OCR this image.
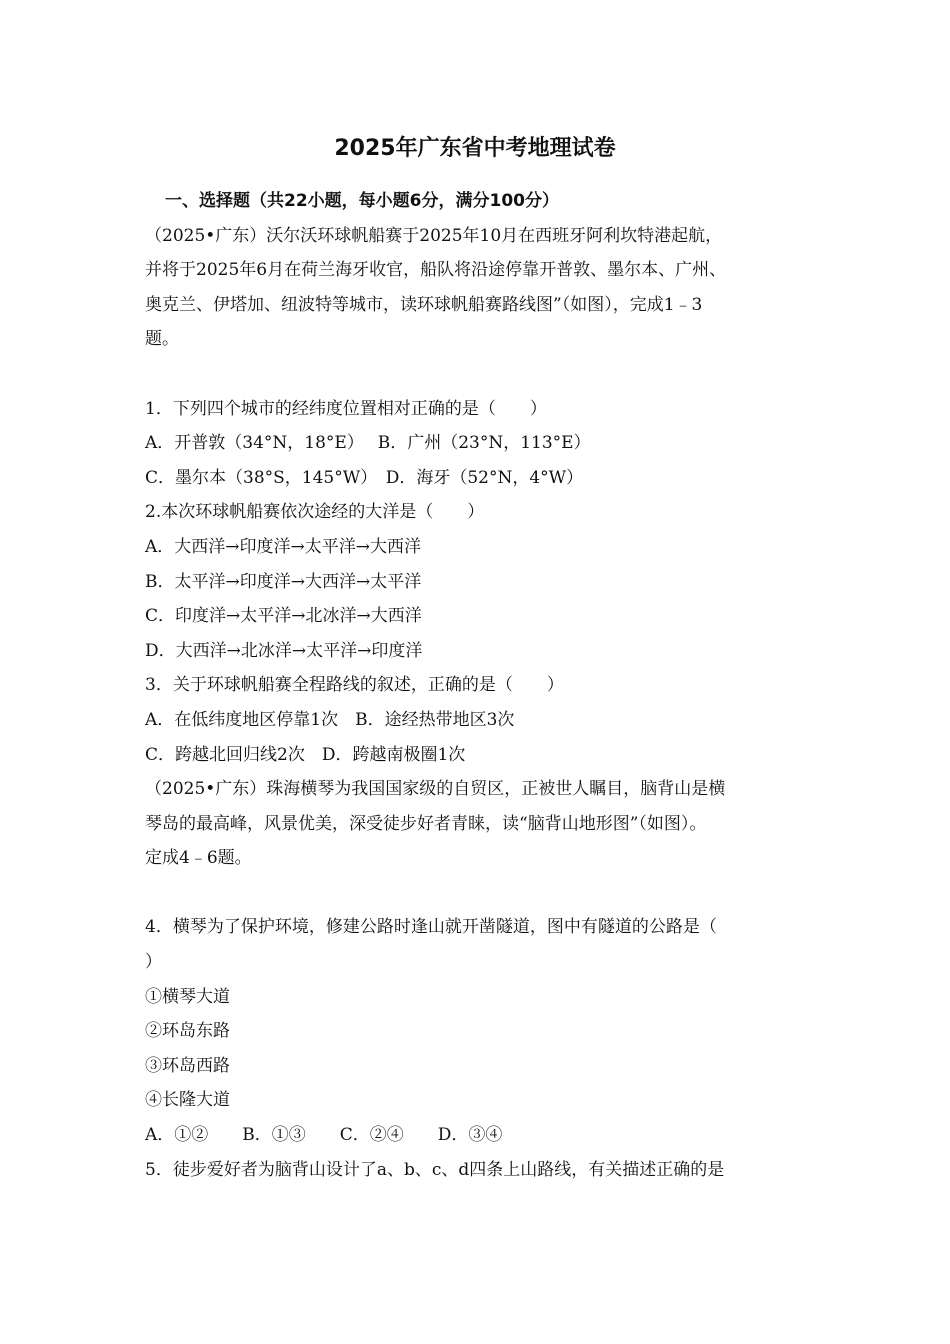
2025年广东省中考地理试卷
一、选择题（共22小题，每小题6分，满分100分）
（2025•广东）沃尔沃环球帆船赛于2025年10月在西班牙阿利坎特港起航，
并将于2025年6月在荷兰海牙收官，船队将沿途停靠开普敦、墨尔本、广州、
奥克兰、伊塔加、纽波特等城市，读环球帆船赛路线图”（如图），完成1﹣3
题。
1．下列四个城市的经纬度位置相对正确的是（　　）
A．开普敦（34°N，18°E）　 B．广州（23°N，113°E）
C．墨尔本（38°S，145°W）　D．海牙（52°N，4°W）
2.本次环球帆船赛依次途经的大洋是（　　）
A．大西洋→印度洋→太平洋→大西洋
B．太平洋→印度洋→大西洋→太平洋
C．印度洋→太平洋→北冰洋→大西洋
D．大西洋→北冰洋→太平洋→印度洋
3．关于环球帆船赛全程路线的叙述，正确的是（　　）
A．在低纬度地区停靠1次　B．途经热带地区3次
C．跨越北回归线2次　D．跨越南极圈1次
（2025•广东）珠海横琴为我国国家级的自贸区，正被世人瞩目，脑背山是横
琴岛的最高峰，风景优美，深受徒步好者青睐，读“脑背山地形图”（如图）。
定成4﹣6题。
4．横琴为了保护环境，修建公路时逢山就开凿隧道，图中有隧道的公路是（
）
①横琴大道
②环岛东路
③环岛西路
④长隆大道
A．①②　　B．①③　　C．②④　　D．③④
5．徒步爱好者为脑背山设计了a、b、c、d四条上山路线，有关描述正确的是
